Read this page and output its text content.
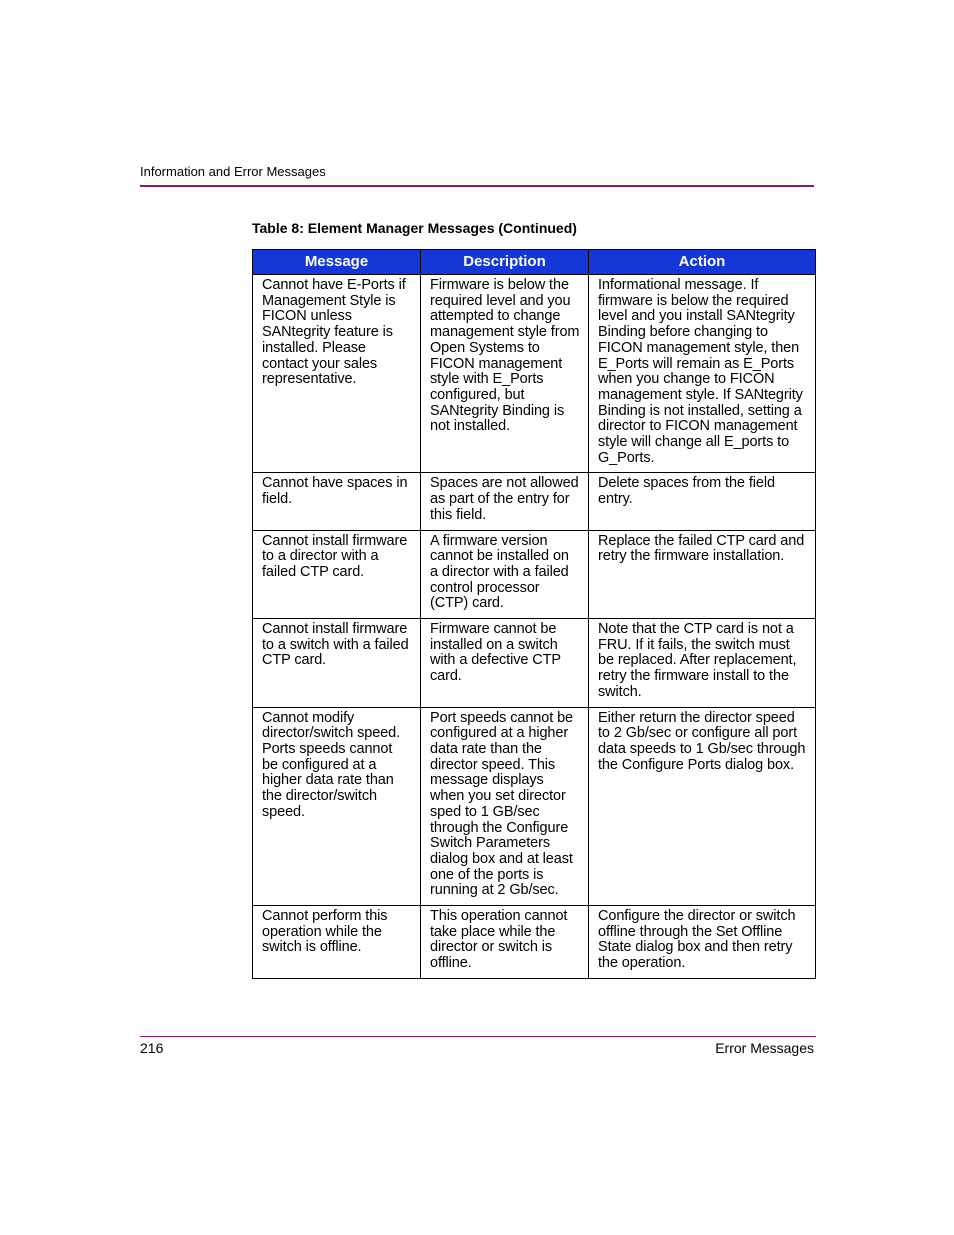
Information and Error Messages
Table 8: Element Manager Messages (Continued)
Message	Description	Action
Cannot have E-Ports if Management Style is FICON unless SANtegrity feature is installed. Please contact your sales representative.	Firmware is below the required level and you attempted to change management style from Open Systems to FICON management style with E_Ports configured, but SANtegrity Binding is not installed.	Informational message. If firmware is below the required level and you install SANtegrity Binding before changing to FICON management style, then E_Ports will remain as E_Ports when you change to FICON management style. If SANtegrity Binding is not installed, setting a director to FICON management style will change all E_ports to G_Ports.
Cannot have spaces in field.	Spaces are not allowed as part of the entry for this field.	Delete spaces from the field entry.
Cannot install firmware to a director with a failed CTP card.	A firmware version cannot be installed on a director with a failed control processor (CTP) card.	Replace the failed CTP card and retry the firmware installation.
Cannot install firmware to a switch with a failed CTP card.	Firmware cannot be installed on a switch with a defective CTP card.	Note that the CTP card is not a FRU. If it fails, the switch must be replaced. After replacement, retry the firmware install to the switch.
Cannot modify director/switch speed. Ports speeds cannot be configured at a higher data rate than the director/switch speed.	Port speeds cannot be configured at a higher data rate than the director speed. This message displays when you set director sped to 1 GB/sec through the Configure Switch Parameters dialog box and at least one of the ports is running at 2 Gb/sec.	Either return the director speed to 2 Gb/sec or configure all port data speeds to 1 Gb/sec through the Configure Ports dialog box.
Cannot perform this operation while the switch is offline.	This operation cannot take place while the director or switch is offline.	Configure the director or switch offline through the Set Offline State dialog box and then retry the operation.
216	Error Messages
